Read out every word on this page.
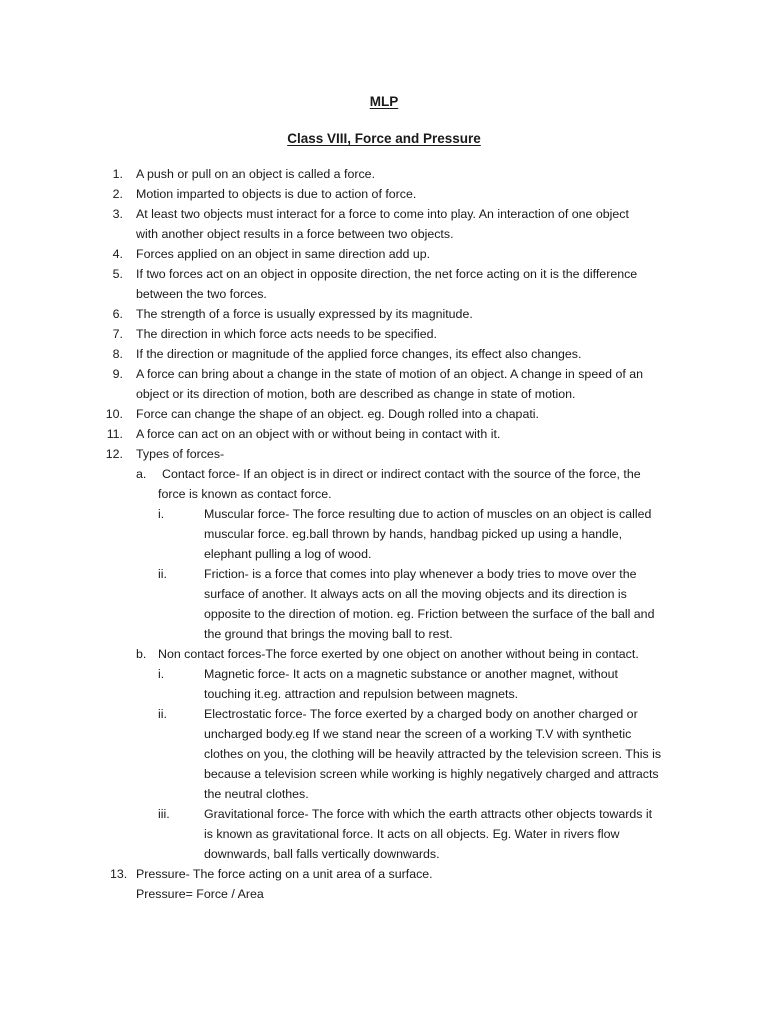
MLP
Class VIII, Force and Pressure
1. A push or pull on an object is called a force.
2. Motion imparted to objects is due to action of force.
3. At least two objects must interact for a force to come into play. An interaction of one object
with another object results in a force between two objects.
4. Forces applied on an object in same direction add up.
5. If two forces act on an object in opposite direction, the net force acting on it is the difference
between the two forces.
6. The strength of a force is usually expressed by its magnitude.
7. The direction in which force acts needs to be specified.
8. If the direction or magnitude of the applied force changes, its effect also changes.
9. A force can bring about a change in the state of motion of an object. A change in speed of an
object or its direction of motion, both are described as change in state of motion.
10. Force can change the shape of an object. eg. Dough rolled into a chapati.
11. A force can act on an object with or without being in contact with it.
12. Types of forces-
a. Contact force- If an object is in direct or indirect contact with the source of the force, the
force is known as contact force.
i.	Muscular force- The force resulting due to action of muscles on an object is called
muscular force. eg.ball thrown by hands, handbag picked up using a handle,
elephant pulling a log of wood.
ii.	Friction- is a force that comes into play whenever a body tries to move over the
surface of another. It always acts on all the moving objects and its direction is
opposite to the direction of motion. eg. Friction between the surface of the ball and
the ground that brings the moving ball to rest.
b. Non contact forces-The force exerted by one object on another without being in contact.
i.	Magnetic force- It acts on a magnetic substance or another magnet, without
touching it.eg. attraction and repulsion between magnets.
ii.	Electrostatic force- The force exerted by a charged body on another charged or
uncharged body.eg If we stand near the screen of a working T.V with synthetic
clothes on you, the clothing will be heavily attracted by the television screen. This is
because a television screen while working is highly negatively charged and attracts
the neutral clothes.
iii.	Gravitational force- The force with which the earth attracts other objects towards it
is known as gravitational force. It acts on all objects. Eg. Water in rivers flow
downwards, ball falls vertically downwards.
13. Pressure- The force acting on a unit area of a surface.
Pressure= Force / Area
